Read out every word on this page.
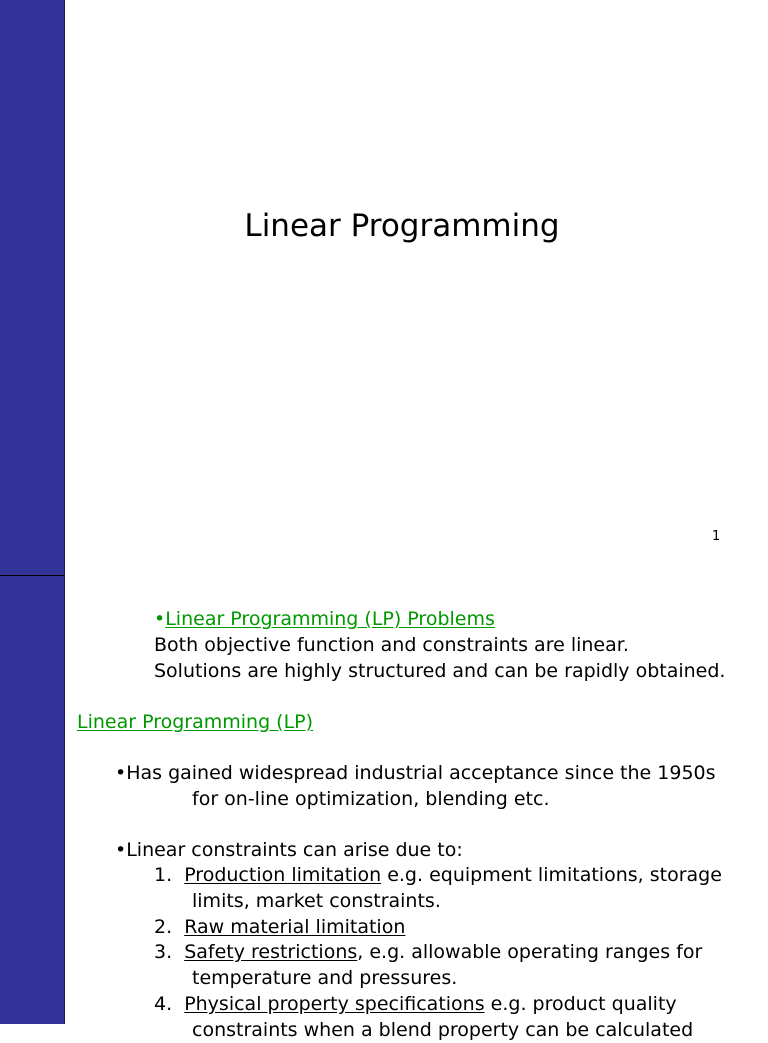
Linear Programming
1
•Linear Programming (LP) Problems
Both objective function and constraints are linear.
Solutions are highly structured and can be rapidly obtained.
Linear Programming (LP)
•Has gained widespread industrial acceptance since the 1950s
for on-line optimization, blending etc.
•Linear constraints can arise due to:
1. Production limitation e.g. equipment limitations, storage
limits, market constraints.
2. Raw material limitation
3. Safety restrictions, e.g. allowable operating ranges for
temperature and pressures.
4. Physical property specifications e.g. product quality
constraints when a blend property can be calculated
